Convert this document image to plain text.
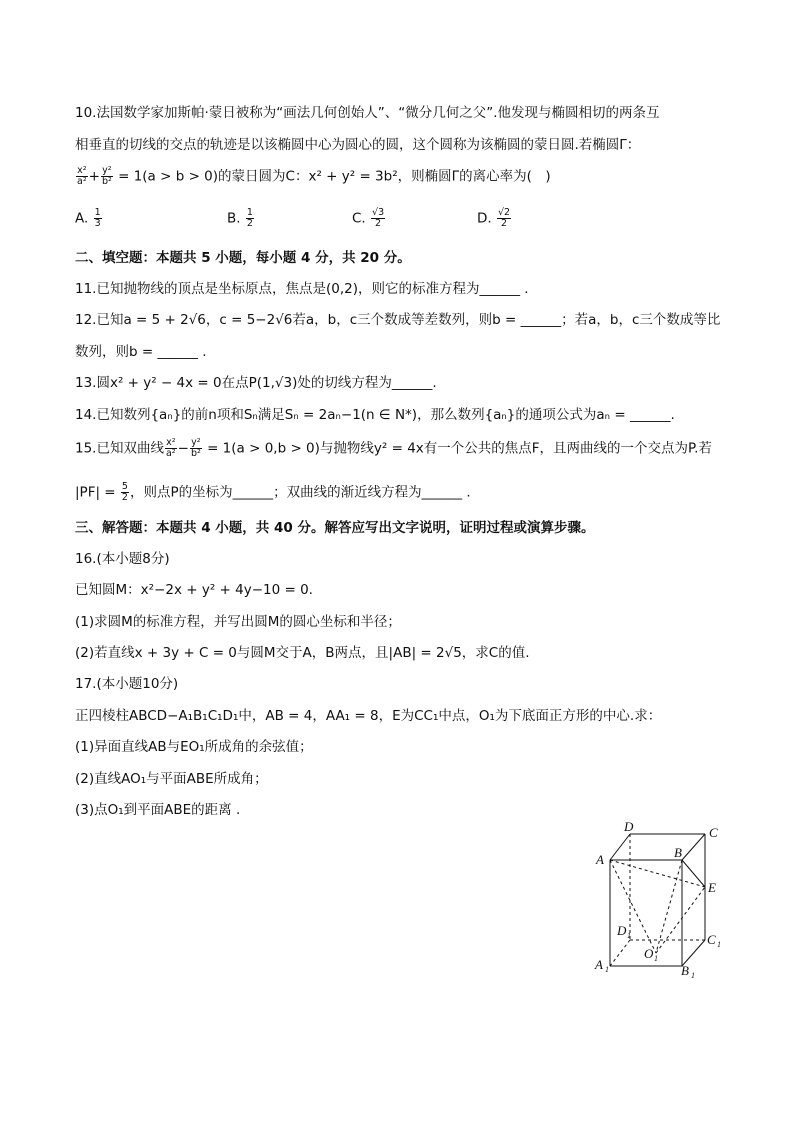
10.法国数学家加斯帕·蒙日被称为“画法几何创始人”、“微分几何之父”.他发现与椭圆相切的两条互
相垂直的切线的交点的轨迹是以该椭圆中心为圆心的圆，这个圆称为该椭圆的蒙日圆.若椭圆Γ：
$\frac{\text{x²}}{\text{a²}} + \frac{\text{y²}}{\text{b²}} = 1(a > b > 0)$的蒙日圆为C：x² + y² = 3b²，则椭圆Γ的离心率为(　)
A. $\frac{1}{3}$	B. $\frac{1}{2}$	C. $\frac{√3}{2}$	D. $\frac{√2}{2}$
二、填空题：本题共 5 小题，每小题 4 分，共 20 分。
11.已知抛物线的顶点是坐标原点，焦点是(0,2)，则它的标准方程为______ .
12.已知a = 5 + 2√6，c = 5−2√6若a，b，c三个数成等差数列，则b = ______；若a，b，c三个数成等比
数列，则b = ______ .
13.圆x² + y² − 4x = 0在点P(1,√3)处的切线方程为______.
14.已知数列{aₙ}的前n项和Sₙ满足Sₙ = 2aₙ−1(n ∈ N*)，那么数列{aₙ}的通项公式为aₙ = ______.
15.已知双曲线 $\frac{\text{x²}}{\text{a²}} - \frac{\text{y²}}{\text{b²}} = 1(a > 0,b > 0)$与抛物线y² = 4x有一个公共的焦点F，且两曲线的一个交点为P.若
$|PF| = \frac{5}{2}$ ，则点P的坐标为______；双曲线的渐近线方程为______ .
三、解答题：本题共 4 小题，共 40 分。解答应写出文字说明，证明过程或演算步骤。
16.(本小题8分)
已知圆M：x²−2x + y² + 4y−10 = 0.
(1)求圆M的标准方程，并写出圆M的圆心坐标和半径；
(2)若直线x + 3y + C = 0与圆M交于A，B两点，且|AB| = 2√5，求C的值.
17.(本小题10分)
正四棱柱ABCD−A₁B₁C₁D₁中，AB = 4，AA₁ = 8，E为CC₁中点，O₁为下底面正方形的中心.求：
(1)异面直线AB与EO₁所成角的余弦值；
(2)直线AO₁与平面ABE所成角；
(3)点O₁到平面ABE的距离 .
D	C
A	B
E
D
C
A	B
O
1
1
1
1
1
